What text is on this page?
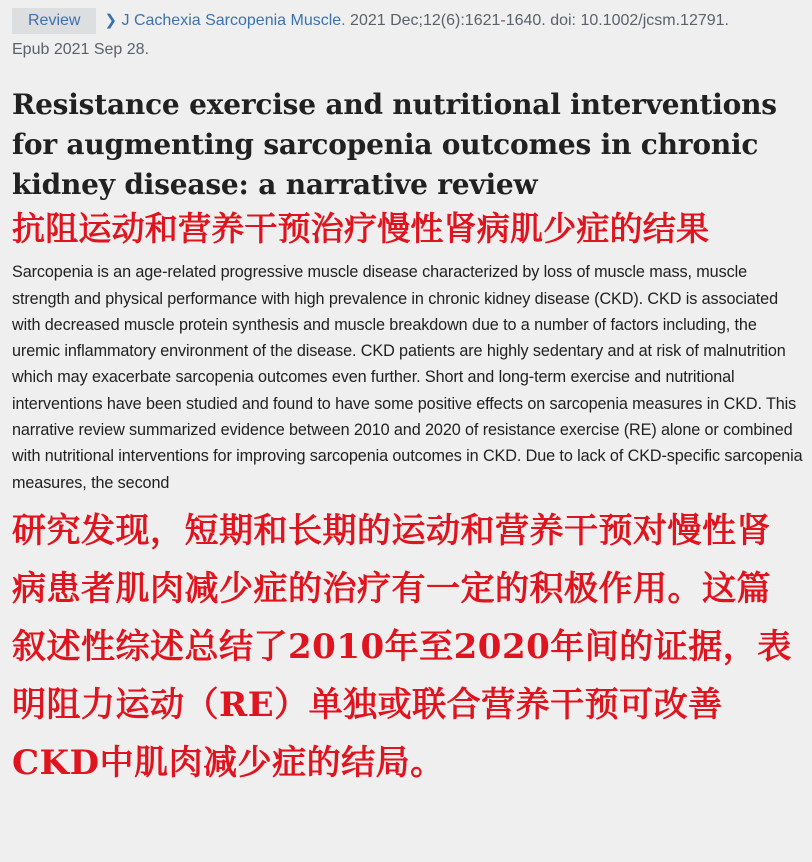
Review ❯ J Cachexia Sarcopenia Muscle. 2021 Dec;12(6):1621-1640. doi: 10.1002/jcsm.12791.
Epub 2021 Sep 28.
Resistance exercise and nutritional interventions for augmenting sarcopenia outcomes in chronic kidney disease: a narrative review
抗阻运动和营养干预治疗慢性肾病肌少症的结果
Sarcopenia is an age-related progressive muscle disease characterized by loss of muscle mass, muscle strength and physical performance with high prevalence in chronic kidney disease (CKD). CKD is associated with decreased muscle protein synthesis and muscle breakdown due to a number of factors including, the uremic inflammatory environment of the disease. CKD patients are highly sedentary and at risk of malnutrition which may exacerbate sarcopenia outcomes even further. Short and long-term exercise and nutritional interventions have been studied and found to have some positive effects on sarcopenia measures in CKD. This narrative review summarized evidence between 2010 and 2020 of resistance exercise (RE) alone or combined with nutritional interventions for improving sarcopenia outcomes in CKD. Due to lack of CKD-specific sarcopenia measures, the second
研究发现，短期和长期的运动和营养干预对慢性肾病患者肌肉减少症的治疗有一定的积极作用。这篇叙述性综述总结了2010年至2020年间的证据，表明阻力运动（RE）单独或联合营养干预可改善CKD中肌肉减少症的结局。
